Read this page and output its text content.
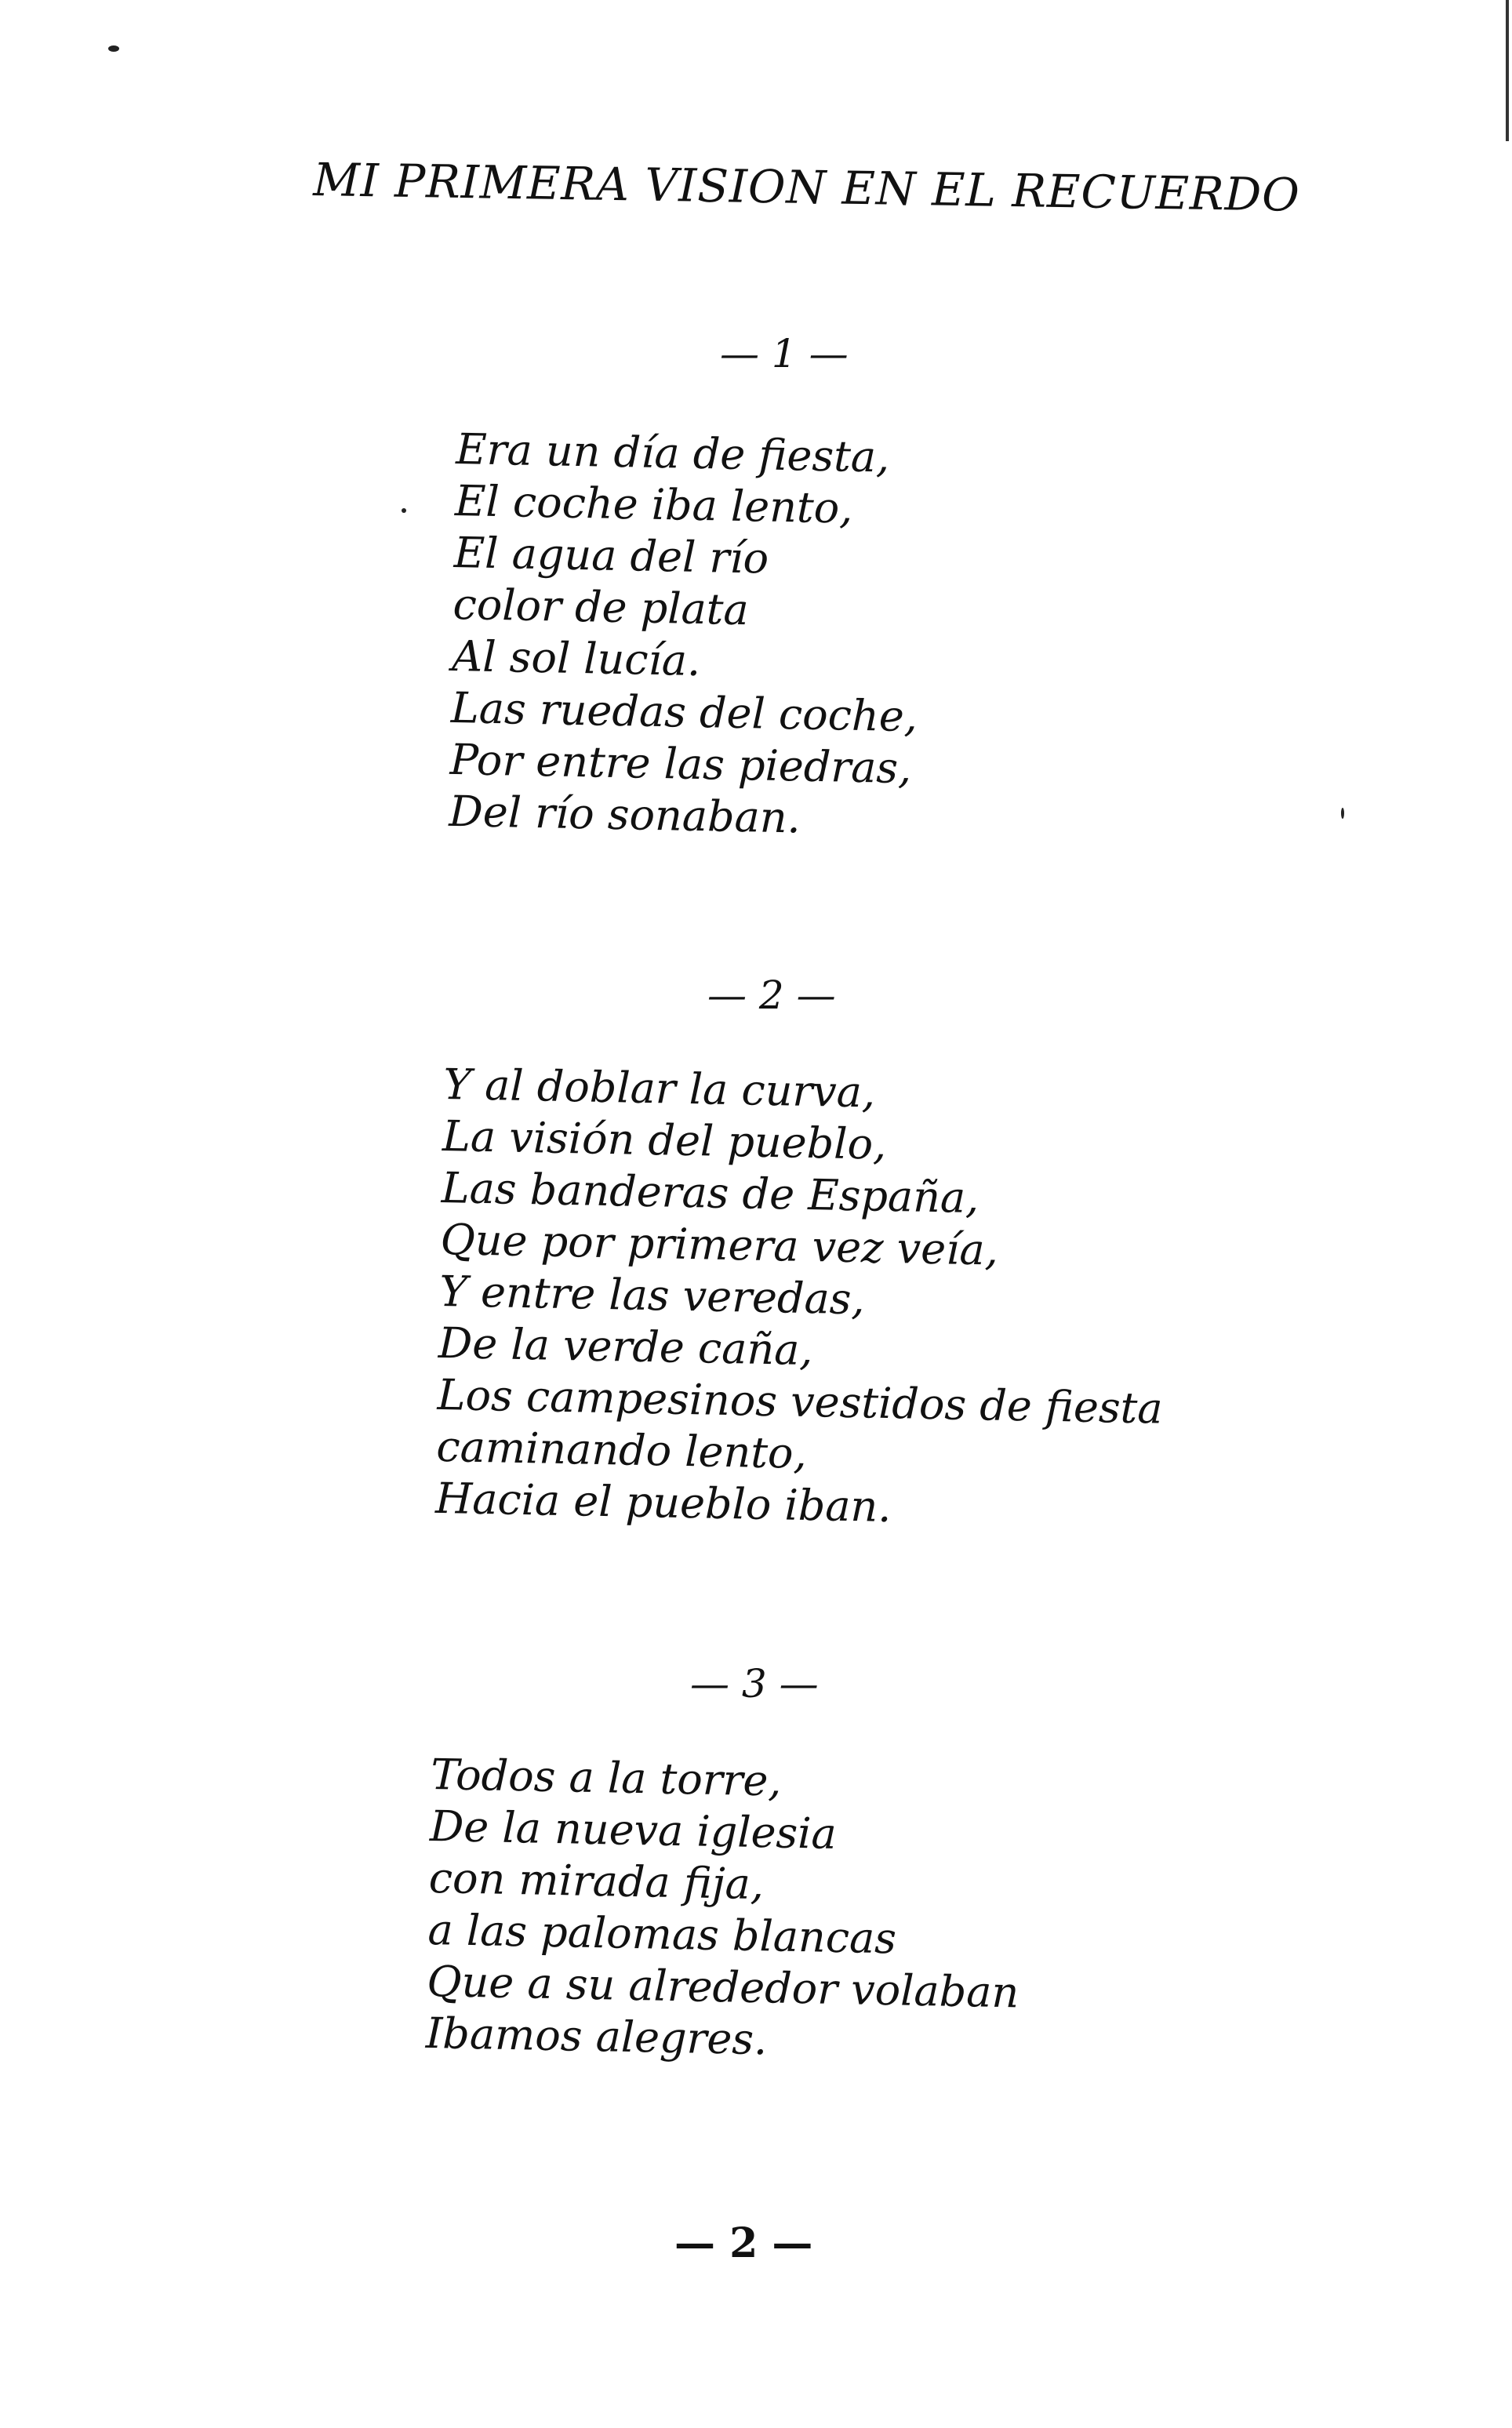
MI PRIMERA VISION EN EL RECUERDO
— 1 —
Era un día de fiesta,
El coche iba lento,
El agua del río
color de plata
Al sol lucía.
Las ruedas del coche,
Por entre las piedras,
Del río sonaban.
— 2 —
Y al doblar la curva,
La visión del pueblo,
Las banderas de España,
Que por primera vez veía,
Y entre las veredas,
De la verde caña,
Los campesinos vestidos de fiesta
caminando lento,
Hacia el pueblo iban.
— 3 —
Todos a la torre,
De la nueva iglesia
con mirada fija,
a las palomas blancas
Que a su alrededor volaban
Ibamos alegres.
— 2 —
